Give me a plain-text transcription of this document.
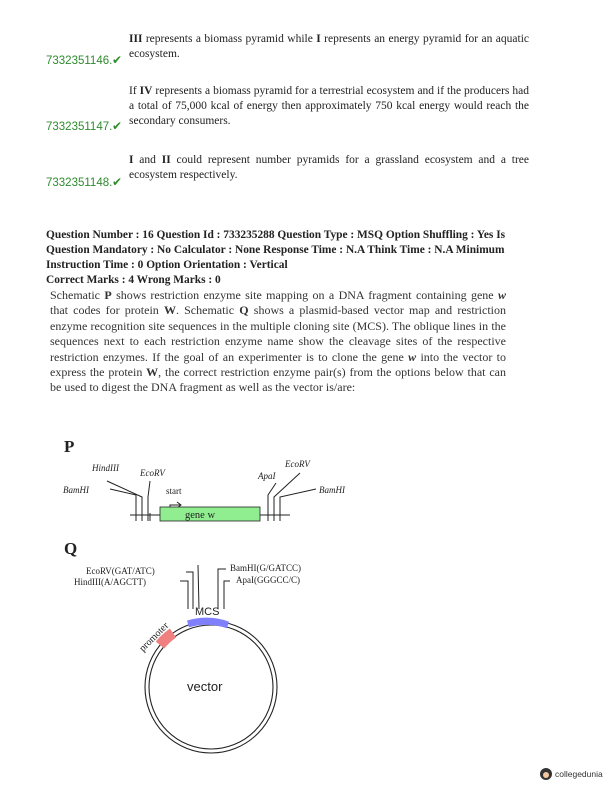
7332351146. ✔
III represents a biomass pyramid while I represents an energy pyramid for an aquatic ecosystem.
7332351147. ✔
If IV represents a biomass pyramid for a terrestrial ecosystem and if the producers had a total of 75,000 kcal of energy then approximately 750 kcal energy would reach the secondary consumers.
7332351148. ✔
I and II could represent number pyramids for a grassland ecosystem and a tree ecosystem respectively.
Question Number : 16 Question Id : 733235288 Question Type : MSQ Option Shuffling : Yes Is
Question Mandatory : No Calculator : None Response Time : N.A Think Time : N.A Minimum
Instruction Time : 0 Option Orientation : Vertical
Correct Marks : 4 Wrong Marks : 0
Schematic P shows restriction enzyme site mapping on a DNA fragment containing gene w that codes for protein W. Schematic Q shows a plasmid-based vector map and restriction enzyme recognition site sequences in the multiple cloning site (MCS). The oblique lines in the sequences next to each restriction enzyme name show the cleavage sites of the respective restriction enzymes. If the goal of an experimenter is to clone the gene w into the vector to express the protein W, the correct restriction enzyme pair(s) from the options below that can be used to digest the DNA fragment as well as the vector is/are:
P
HindIII EcoRV
BamHI
EcoRV
ApaI
BamHI
start
gene w
Q
EcoRV(GAT/ATC)
HindIII(A/AGCTT)
BamHI(G/GATCC)
ApaI(GGGCC/C)
MCS
promoter
vector
collegedunia
